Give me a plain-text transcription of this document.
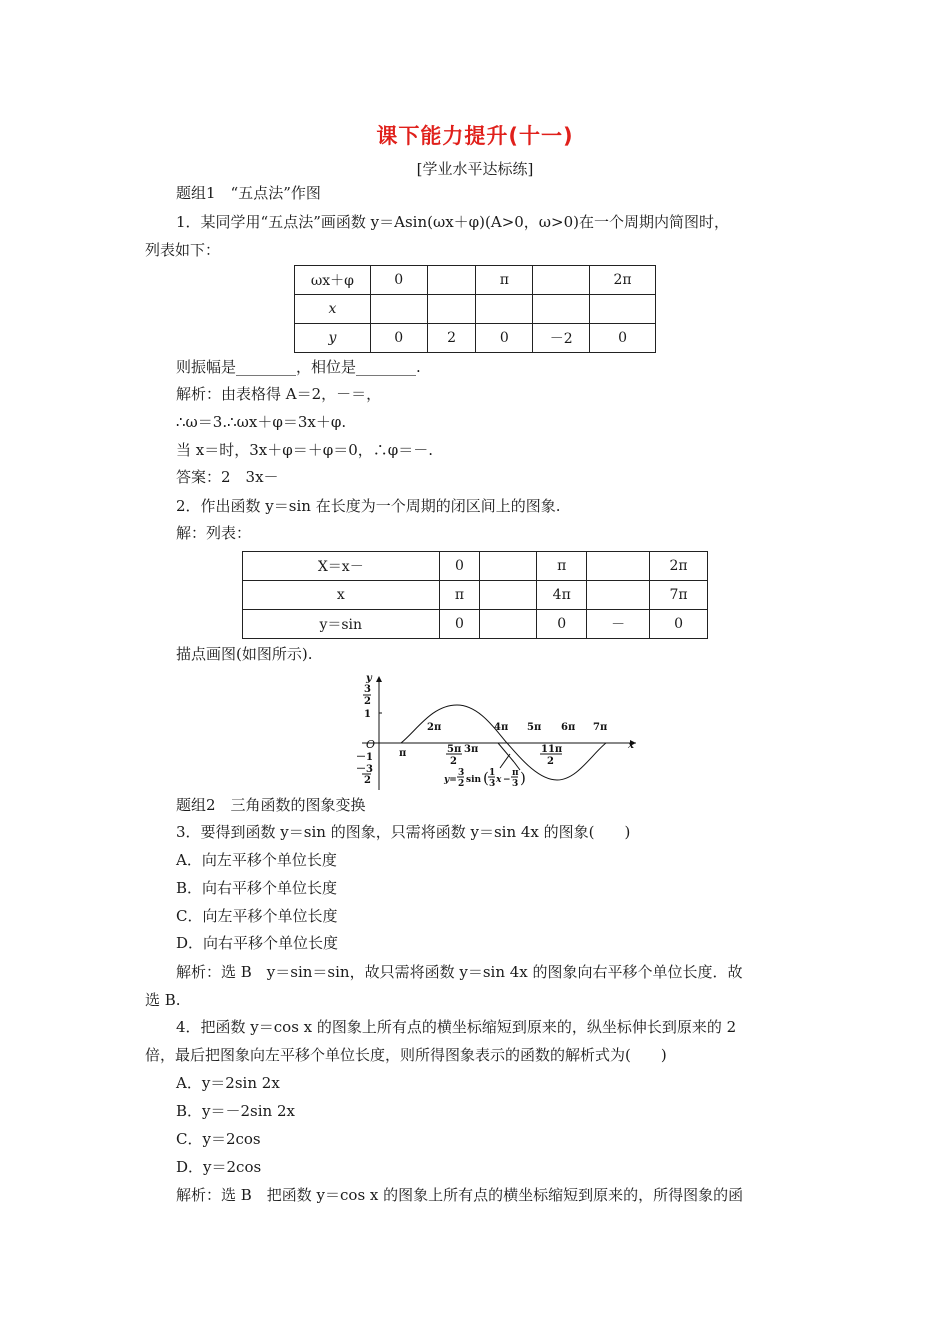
课下能力提升(十一)
[学业水平达标练]
题组1　“五点法”作图
1．某同学用“五点法”画函数 y＝Asin(ωx＋φ)(A>0，ω>0)在一个周期内简图时，
列表如下：
ωx＋φ	0		π		2π
x					
y	0	2	0	－2	0
则振幅是________，相位是________.
解析：由表格得 A＝2，－＝，
∴ω＝3.∴ωx＋φ＝3x＋φ.
当 x＝时，3x＋φ＝＋φ＝0，∴φ＝－.
答案：2　3x－
2．作出函数 y＝sin 在长度为一个周期的闭区间上的图象.
解：列表：
X＝x－	0		π		2π
x	π		4π		7π
y＝sin	0		0	－	0
描点画图(如图所示).
y
x
O
3
2
1
－1
－3
2
π
2π	4π 5π 6π 7π
5π
2
3π	11π
2
y=
3
2 sin ( 1
3 x −
π
3 )
题组2　三角函数的图象变换
3．要得到函数 y＝sin 的图象，只需将函数 y＝sin 4x 的图象(　　)
A．向左平移个单位长度
B．向右平移个单位长度
C．向左平移个单位长度
D．向右平移个单位长度
解析：选 B　y＝sin＝sin，故只需将函数 y＝sin 4x 的图象向右平移个单位长度．故
选 B.
4．把函数 y＝cos x 的图象上所有点的横坐标缩短到原来的，纵坐标伸长到原来的 2
倍，最后把图象向左平移个单位长度，则所得图象表示的函数的解析式为(　　)
A．y＝2sin 2x
B．y＝－2sin 2x
C．y＝2cos
D．y＝2cos
解析：选 B　把函数 y＝cos x 的图象上所有点的横坐标缩短到原来的，所得图象的函
